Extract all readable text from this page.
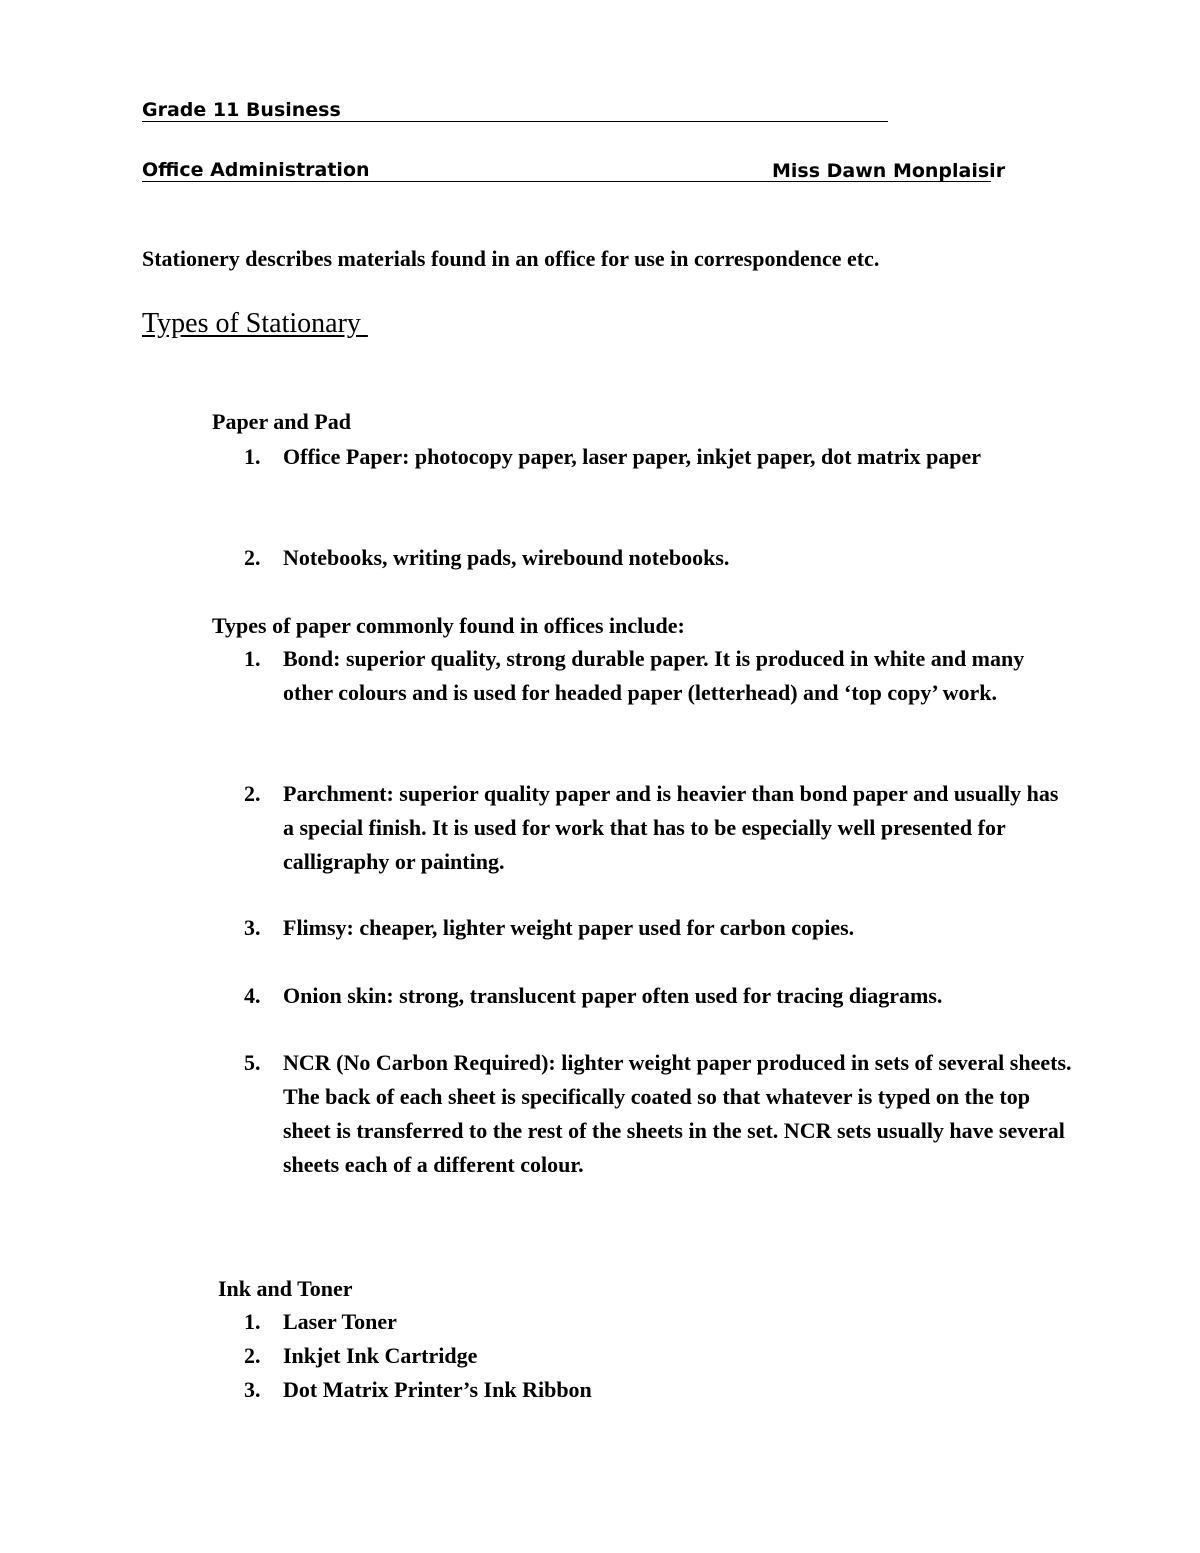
Grade 11 Business
Office Administration	Miss Dawn Monplaisir
Stationery describes materials found in an office for use in correspondence etc.
Types of Stationary
Paper and Pad
1.	Office Paper: photocopy paper, laser paper, inkjet paper, dot matrix paper
2.	Notebooks, writing pads, wirebound notebooks.
Types of paper commonly found in offices include:
1.	Bond: superior quality, strong durable paper. It is produced in white and many other colours and is used for headed paper (letterhead) and ‘top copy’ work.
2.	Parchment: superior quality paper and is heavier than bond paper and usually has a special finish. It is used for work that has to be especially well presented for calligraphy or painting.
3.	Flimsy: cheaper, lighter weight paper used for carbon copies.
4.	Onion skin: strong, translucent paper often used for tracing diagrams.
5.	NCR (No Carbon Required): lighter weight paper produced in sets of several sheets. The back of each sheet is specifically coated so that whatever is typed on the top sheet is transferred to the rest of the sheets in the set. NCR sets usually have several sheets each of a different colour.
Ink and Toner
1.	Laser Toner
2.	Inkjet Ink Cartridge
3.	Dot Matrix Printer’s Ink Ribbon
